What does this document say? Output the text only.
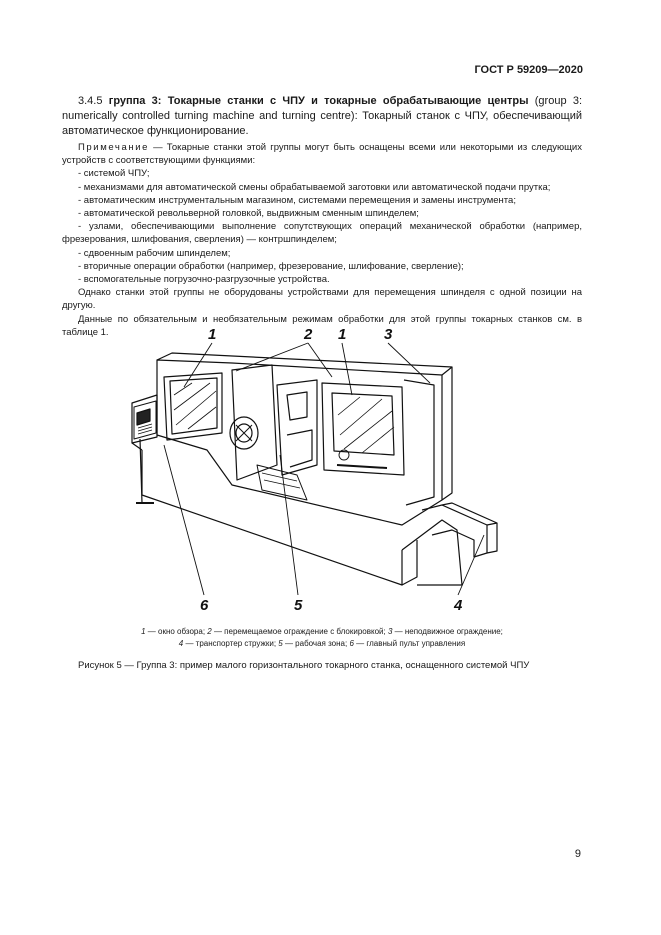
ГОСТ Р 59209—2020
3.4.5 группа 3: Токарные станки с ЧПУ и токарные обрабатывающие центры (group 3: numerically controlled turning machine and turning centre): Токарный станок с ЧПУ, обеспечивающий автоматическое функционирование.

Примечание — Токарные станки этой группы могут быть оснащены всеми или некоторыми из следующих устройств с соответствующими функциями:

- системой ЧПУ;

- механизмами для автоматической смены обрабатываемой заготовки или автоматической подачи прутка;

- автоматическим инструментальным магазином, системами перемещения и замены инструмента;

- автоматической револьверной головкой, выдвижным сменным шпинделем;

- узлами, обеспечивающими выполнение сопутствующих операций механической обработки (например, фрезерования, шлифования, сверления) — контршпинделем;

- сдвоенным рабочим шпинделем;

- вторичные операции обработки (например, фрезерование, шлифование, сверление);

- вспомогательные погрузочно-разгрузочные устройства.

Однако станки этой группы не оборудованы устройствами для перемещения шпинделя с одной позиции на другую.

Данные по обязательным и необязательным режимам обработки для этой группы токарных станков см. в таблице 1.	1	2 1	3
6	5	4
1 — окно обзора; 2 — перемещаемое ограждение с блокировкой; 3 — неподвижное ограждение;
4 — транспортер стружки; 5 — рабочая зона; 6 — главный пульт управления
Рисунок 5 — Группа 3: пример малого горизонтального токарного станка, оснащенного системой ЧПУ
9
